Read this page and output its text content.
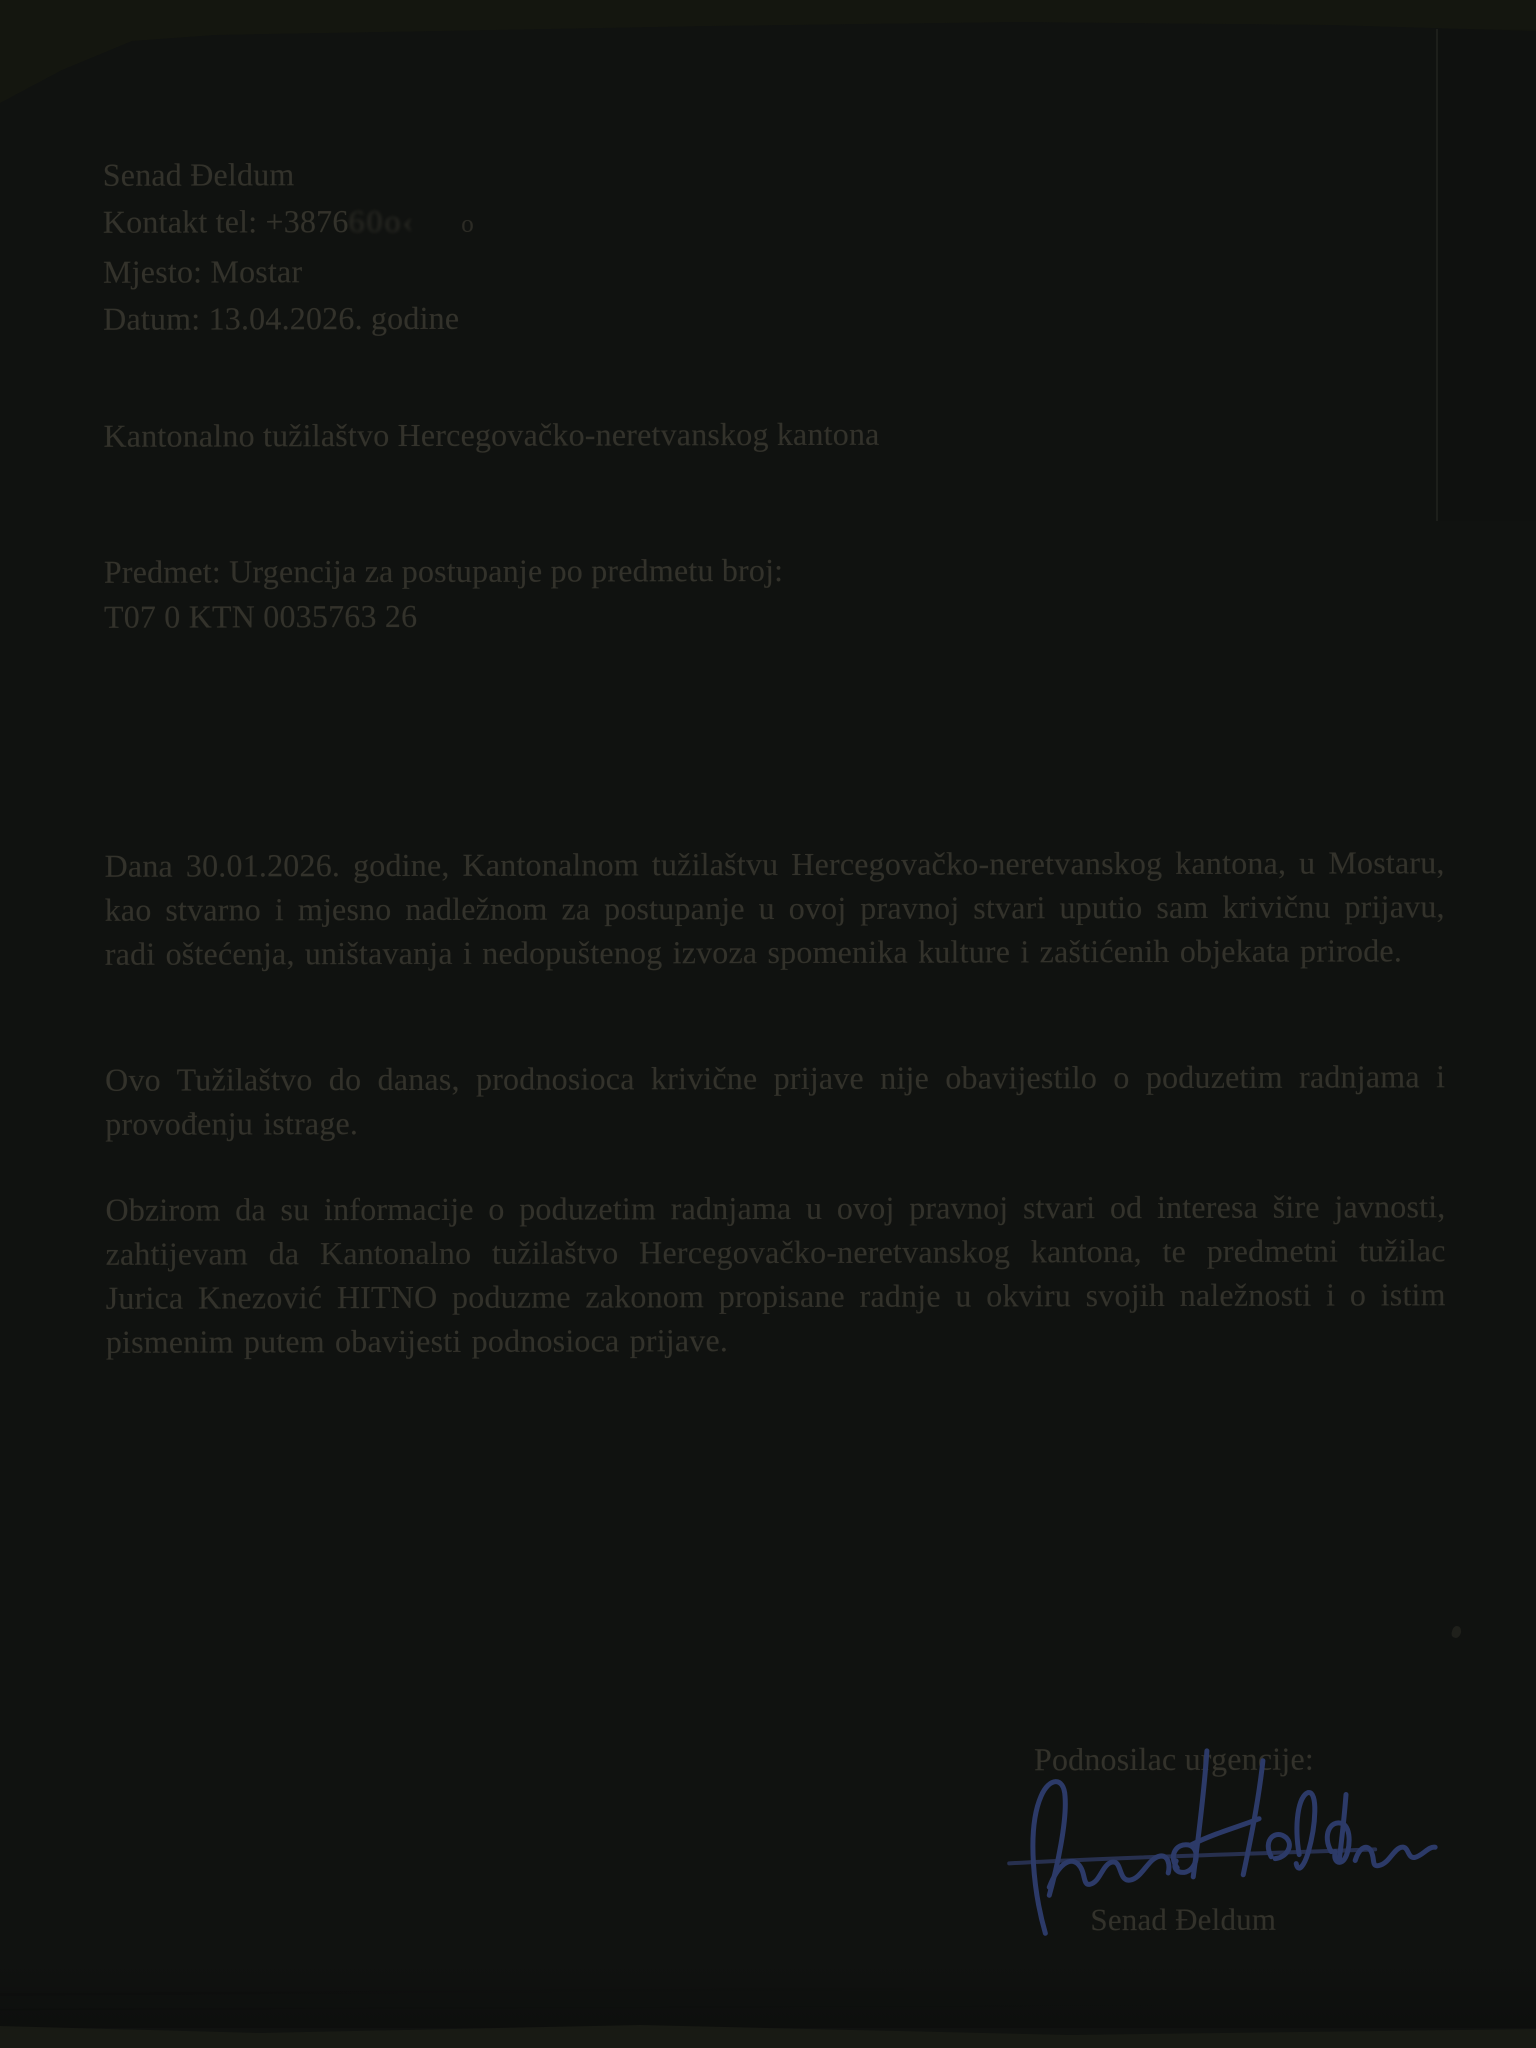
Senad Đeldum
Kontakt tel: +387660o‹ o
Mjesto: Mostar
Datum: 13.04.2026. godine
Kantonalno tužilaštvo Hercegovačko-neretvanskog kantona
Predmet: Urgencija za postupanje po predmetu broj:
T07 0 KTN 0035763 26
Dana 30.01.2026. godine, Kantonalnom tužilaštvu Hercegovačko-neretvanskog kantona, u Mostaru, kao stvarno i mjesno nadležnom za postupanje u ovoj pravnoj stvari uputio sam krivičnu prijavu, radi oštećenja, uništavanja i nedopuštenog izvoza spomenika kulture i zaštićenih objekata prirode.
Ovo Tužilaštvo do danas, prodnosioca krivične prijave nije obavijestilo o poduzetim radnjama i provođenju istrage.
Obzirom da su informacije o poduzetim radnjama u ovoj pravnoj stvari od interesa šire javnosti, zahtijevam da Kantonalno tužilaštvo Hercegovačko-neretvanskog kantona, te predmetni tužilac Jurica Knezović HITNO poduzme zakonom propisane radnje u okviru svojih naležnosti i o istim pismenim putem obavijesti podnosioca prijave.
Podnosilac urgencije:
Senad Đeldum
